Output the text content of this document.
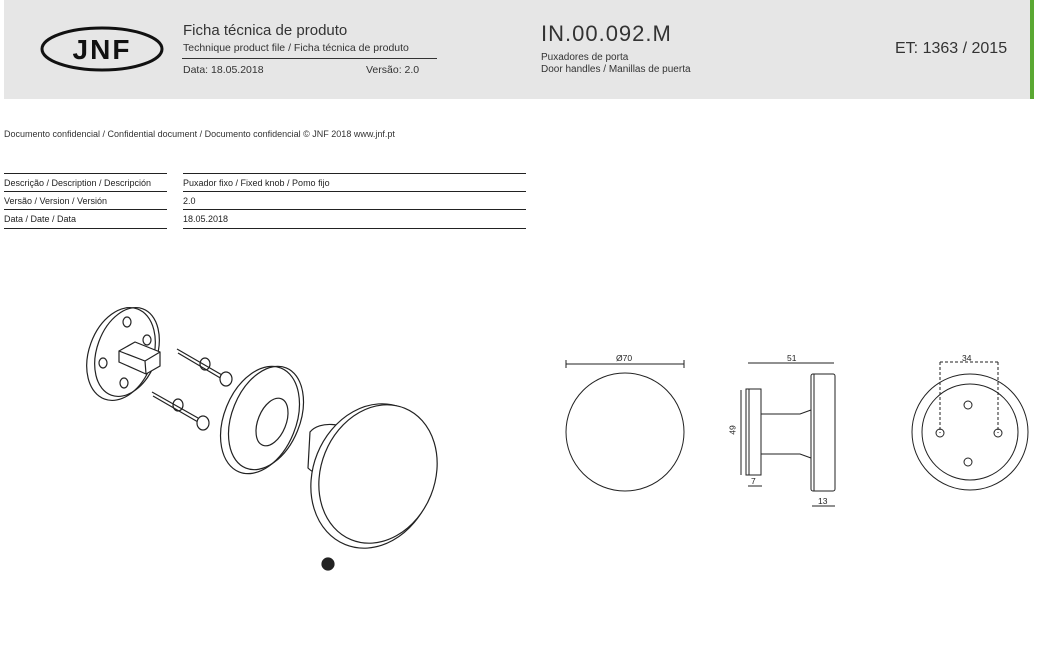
JNF
Ficha técnica de produto
Technique product file / Ficha técnica de produto
Data: 18.05.2018	Versão: 2.0
IN.00.092.M
Puxadores de porta
Door handles / Manillas de puerta
ET: 1363 / 2015
Documento confidencial / Confidential document / Documento confidencial © JNF 2018 www.jnf.pt
Descrição / Description / Descripción	Puxador fixo / Fixed knob / Pomo fijo
Versão / Version / Versión	2.0
Data / Date / Data	18.05.2018
Ø70	51
49
7
13
34
